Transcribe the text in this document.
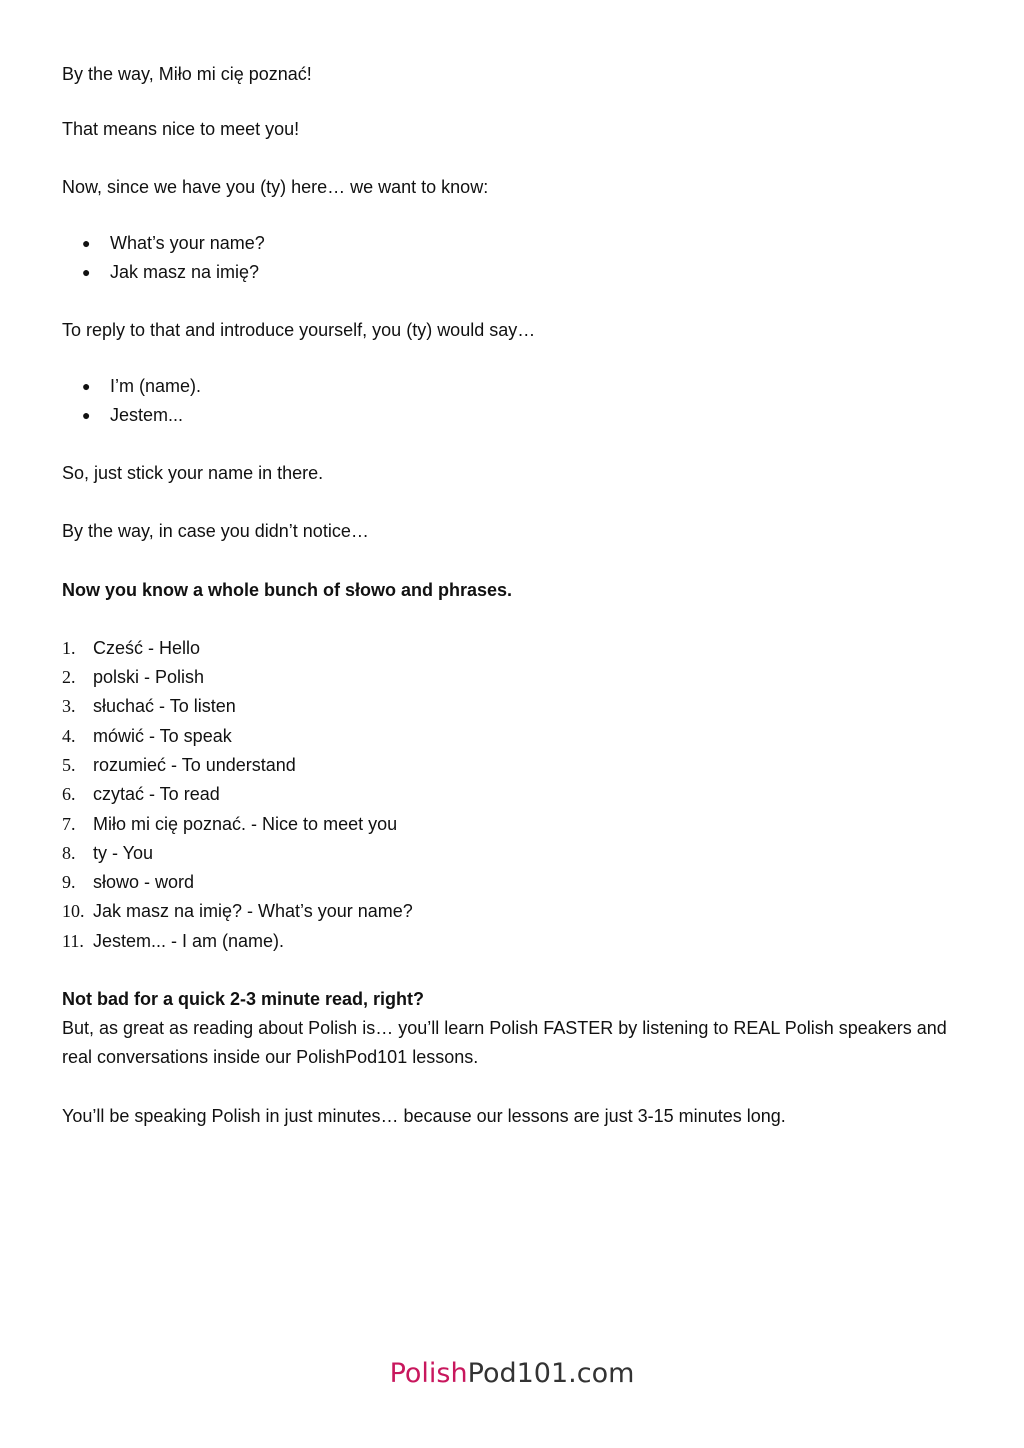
By the way, Miło mi cię poznać!
That means nice to meet you!
Now, since we have you (ty) here… we want to know:
● What’s your name?
● Jak masz na imię?
To reply to that and introduce yourself, you (ty) would say…
● I’m (name).
● Jestem...
So, just stick your name in there.
By the way, in case you didn’t notice…
Now you know a whole bunch of słowo and phrases.
1. Cześć - Hello
2. polski - Polish
3. słuchać - To listen
4. mówić - To speak
5. rozumieć - To understand
6. czytać - To read
7. Miło mi cię poznać. - Nice to meet you
8. ty - You
9. słowo - word
10. Jak masz na imię? - What’s your name?
11. Jestem... - I am (name).
Not bad for a quick 2-3 minute read, right?
But, as great as reading about Polish is… you’ll learn Polish FASTER by listening to REAL Polish speakers and real conversations inside our PolishPod101 lessons.
You’ll be speaking Polish in just minutes… because our lessons are just 3-15 minutes long.
PolishPod101.com
